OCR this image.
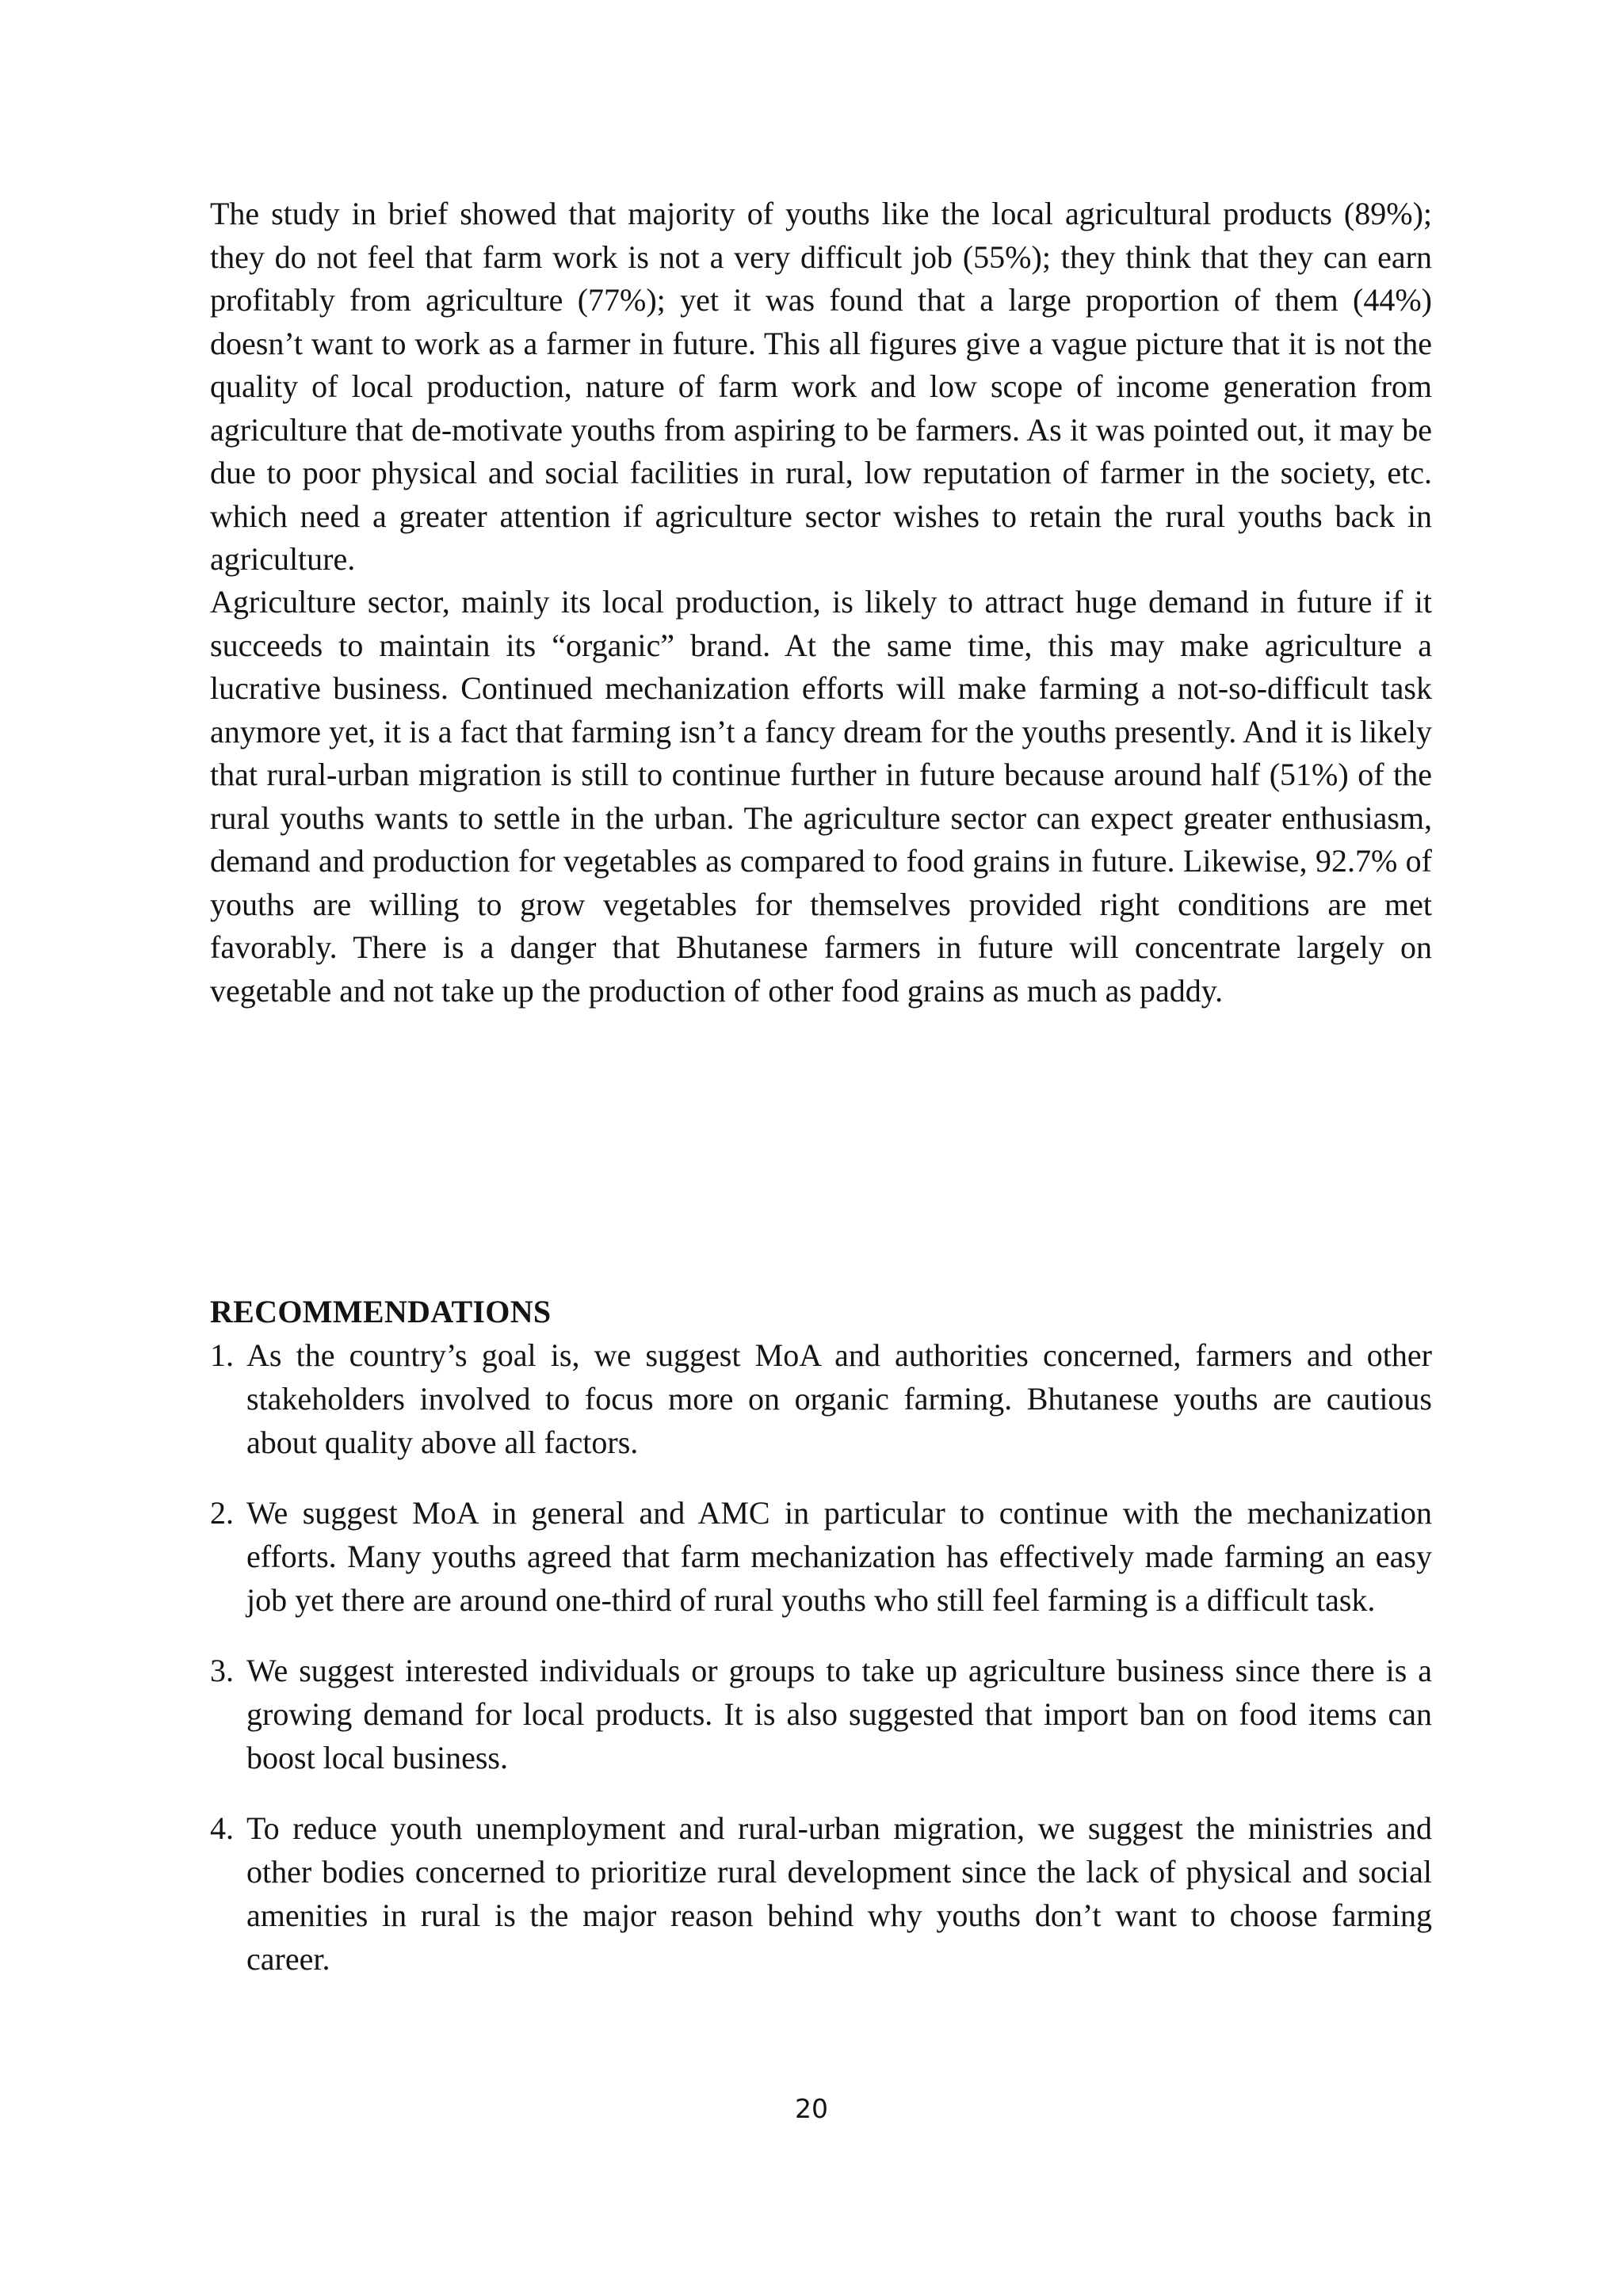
The study in brief showed that majority of youths like the local agricultural products (89%); they do not feel that farm work is not a very difficult job (55%); they think that they can earn profitably from agriculture (77%); yet it was found that a large proportion of them (44%) doesn’t want to work as a farmer in future. This all figures give a vague picture that it is not the quality of local production, nature of farm work and low scope of income generation from agriculture that de-motivate youths from aspiring to be farmers. As it was pointed out, it may be due to poor physical and social facilities in rural, low reputation of farmer in the society, etc. which need a greater attention if agriculture sector wishes to retain the rural youths back in agriculture.

Agriculture sector, mainly its local production, is likely to attract huge demand in future if it succeeds to maintain its “organic” brand. At the same time, this may make agriculture a lucrative business. Continued mechanization efforts will make farming a not-so-difficult task anymore yet, it is a fact that farming isn’t a fancy dream for the youths presently. And it is likely that rural-urban migration is still to continue further in future because around half (51%) of the rural youths wants to settle in the urban. The agriculture sector can expect greater enthusiasm, demand and production for vegetables as compared to food grains in future. Likewise, 92.7% of youths are willing to grow vegetables for themselves provided right conditions are met favorably. There is a danger that Bhutanese farmers in future will concentrate largely on vegetable and not take up the production of other food grains as much as paddy.

RECOMMENDATIONS
1. As the country’s goal is, we suggest MoA and authorities concerned, farmers and other stakeholders involved to focus more on organic farming. Bhutanese youths are cautious about quality above all factors.
2. We suggest MoA in general and AMC in particular to continue with the mechanization efforts. Many youths agreed that farm mechanization has effectively made farming an easy job yet there are around one-third of rural youths who still feel farming is a difficult task.
3. We suggest interested individuals or groups to take up agriculture business since there is a growing demand for local products. It is also suggested that import ban on food items can boost local business.
4. To reduce youth unemployment and rural-urban migration, we suggest the ministries and other bodies concerned to prioritize rural development since the lack of physical and social amenities in rural is the major reason behind why youths don’t want to choose farming career.
20
